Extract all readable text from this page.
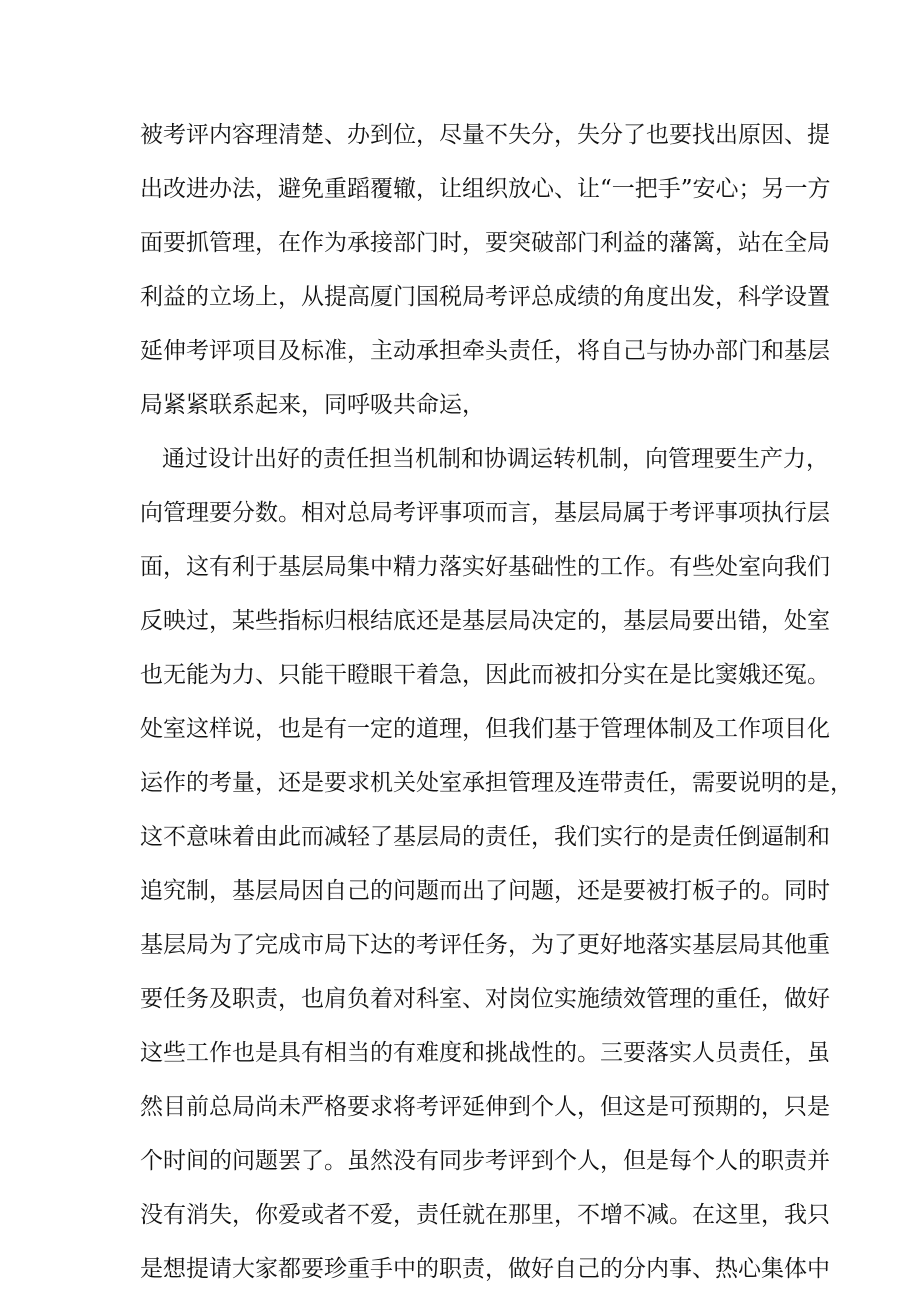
被考评内容理清楚、办到位，尽量不失分，失分了也要找出原因、提
出改进办法，避免重蹈覆辙，让组织放心、让“一把手”安心；另一方
面要抓管理，在作为承接部门时，要突破部门利益的藩篱，站在全局
利益的立场上，从提高厦门国税局考评总成绩的角度出发，科学设置
延伸考评项目及标准，主动承担牵头责任，将自己与协办部门和基层
局紧紧联系起来，同呼吸共命运，
通过设计出好的责任担当机制和协调运转机制，向管理要生产力，
向管理要分数。相对总局考评事项而言，基层局属于考评事项执行层
面，这有利于基层局集中精力落实好基础性的工作。有些处室向我们
反映过，某些指标归根结底还是基层局决定的，基层局要出错，处室
也无能为力、只能干瞪眼干着急，因此而被扣分实在是比窦娥还冤。
处室这样说，也是有一定的道理，但我们基于管理体制及工作项目化
运作的考量，还是要求机关处室承担管理及连带责任，需要说明的是，
这不意味着由此而减轻了基层局的责任，我们实行的是责任倒逼制和
追究制，基层局因自己的问题而出了问题，还是要被打板子的。同时
基层局为了完成市局下达的考评任务，为了更好地落实基层局其他重
要任务及职责，也肩负着对科室、对岗位实施绩效管理的重任，做好
这些工作也是具有相当的有难度和挑战性的。三要落实人员责任，虽
然目前总局尚未严格要求将考评延伸到个人，但这是可预期的，只是
个时间的问题罢了。虽然没有同步考评到个人，但是每个人的职责并
没有消失，你爱或者不爱，责任就在那里，不增不减。在这里，我只
是想提请大家都要珍重手中的职责，做好自己的分内事、热心集体中
